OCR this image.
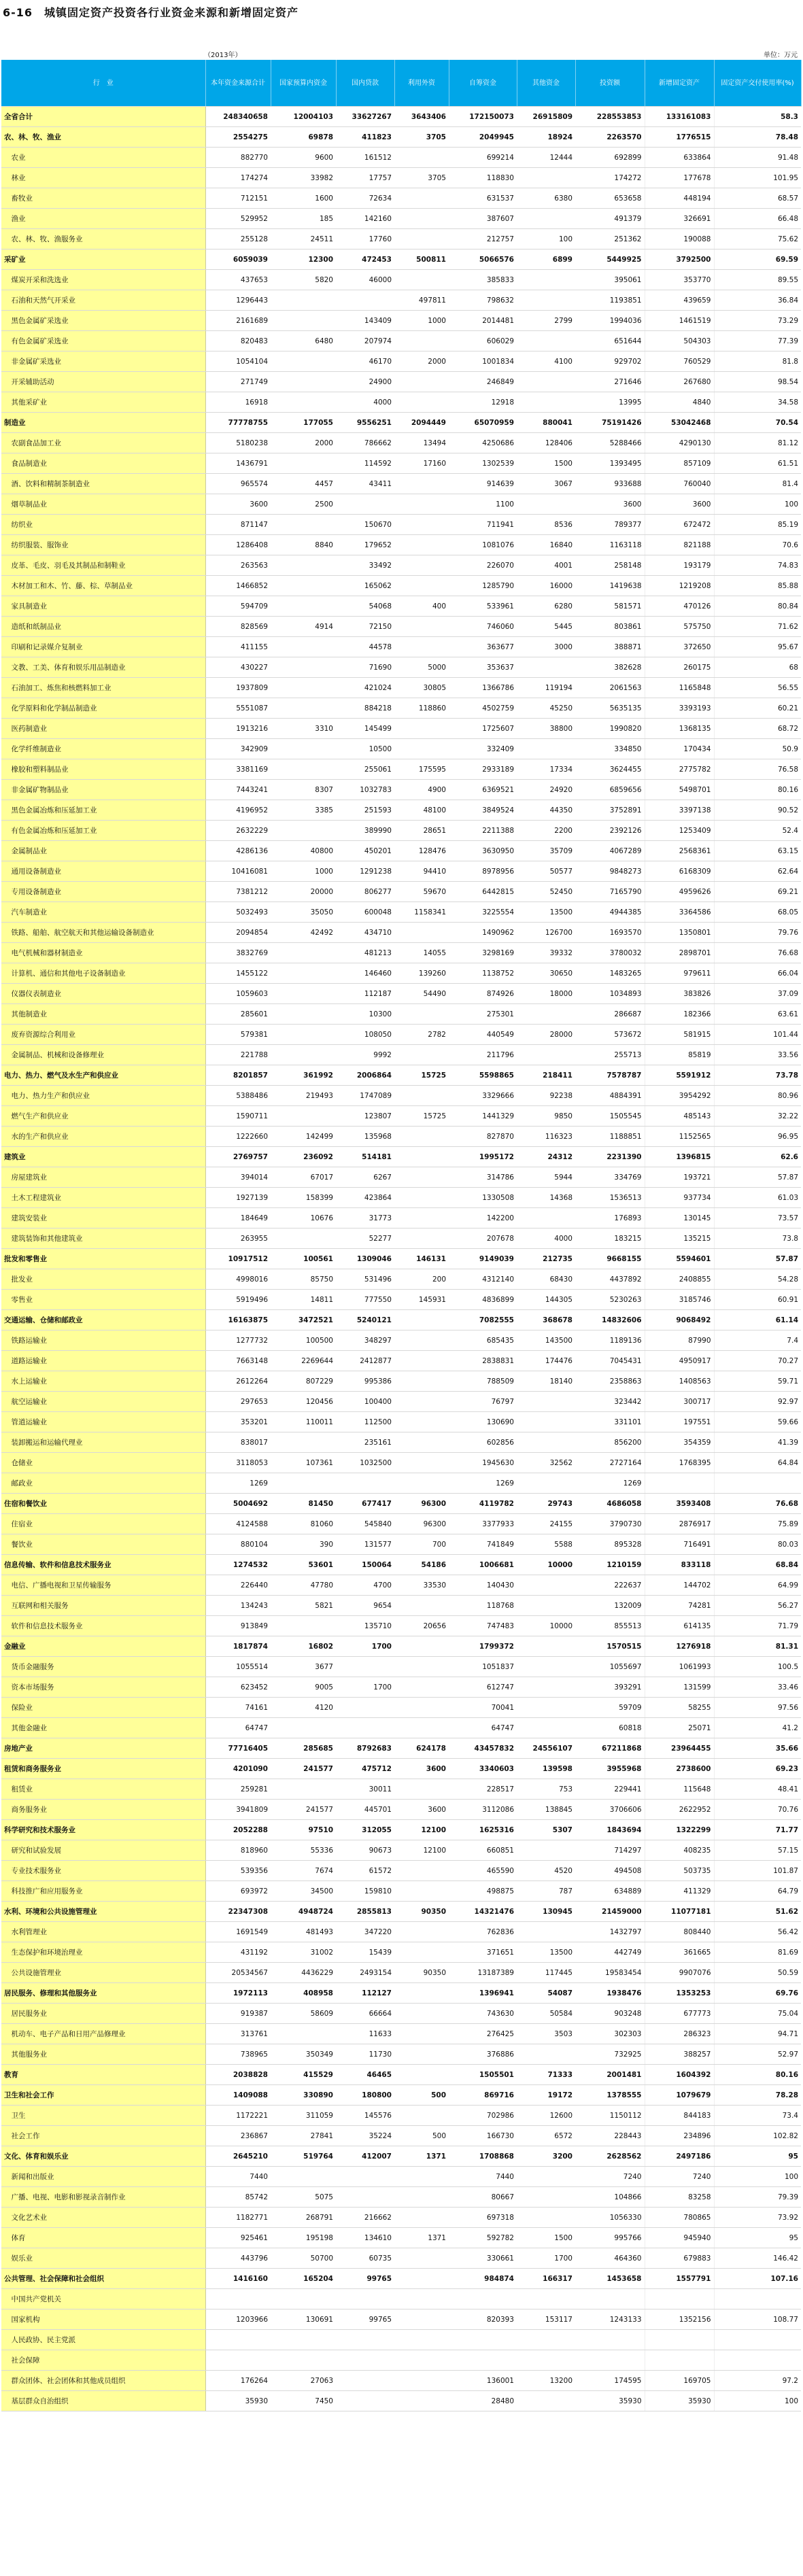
6-16　城镇固定资产投资各行业资金来源和新增固定资产
（2013年）	单位：万元
行　业	本年资金来源合计	国家预算内资金	国内贷款	利用外资	自筹资金	其他资金	投资额	新增固定资产	固定资产交付使用率(%)
全省合计	248340658	12004103	33627267	3643406	172150073	26915809	228553853	133161083	58.3
农、林、牧、渔业	2554275	69878	411823	3705	2049945	18924	2263570	1776515	78.48
　农业	882770	9600	161512		699214	12444	692899	633864	91.48
　林业	174274	33982	17757	3705	118830		174272	177678	101.95
　畜牧业	712151	1600	72634		631537	6380	653658	448194	68.57
　渔业	529952	185	142160		387607		491379	326691	66.48
　农、林、牧、渔服务业	255128	24511	17760		212757	100	251362	190088	75.62
采矿业	6059039	12300	472453	500811	5066576	6899	5449925	3792500	69.59
　煤炭开采和洗选业	437653	5820	46000		385833		395061	353770	89.55
　石油和天然气开采业	1296443			497811	798632		1193851	439659	36.84
　黑色金属矿采选业	2161689		143409	1000	2014481	2799	1994036	1461519	73.29
　有色金属矿采选业	820483	6480	207974		606029		651644	504303	77.39
　非金属矿采选业	1054104		46170	2000	1001834	4100	929702	760529	81.8
　开采辅助活动	271749		24900		246849		271646	267680	98.54
　其他采矿业	16918		4000		12918		13995	4840	34.58
制造业	77778755	177055	9556251	2094449	65070959	880041	75191426	53042468	70.54
　农副食品加工业	5180238	2000	786662	13494	4250686	128406	5288466	4290130	81.12
　食品制造业	1436791		114592	17160	1302539	1500	1393495	857109	61.51
　酒、饮料和精制茶制造业	965574	4457	43411		914639	3067	933688	760040	81.4
　烟草制品业	3600	2500			1100		3600	3600	100
　纺织业	871147		150670		711941	8536	789377	672472	85.19
　纺织服装、服饰业	1286408	8840	179652		1081076	16840	1163118	821188	70.6
　皮革、毛皮、羽毛及其制品和制鞋业	263563		33492		226070	4001	258148	193179	74.83
　木材加工和木、竹、藤、棕、草制品业	1466852		165062		1285790	16000	1419638	1219208	85.88
　家具制造业	594709		54068	400	533961	6280	581571	470126	80.84
　造纸和纸制品业	828569	4914	72150		746060	5445	803861	575750	71.62
　印刷和记录媒介复制业	411155		44578		363677	3000	388871	372650	95.67
　文教、工美、体育和娱乐用品制造业	430227		71690	5000	353637		382628	260175	68
　石油加工、炼焦和核燃料加工业	1937809		421024	30805	1366786	119194	2061563	1165848	56.55
　化学原料和化学制品制造业	5551087		884218	118860	4502759	45250	5635135	3393193	60.21
　医药制造业	1913216	3310	145499		1725607	38800	1990820	1368135	68.72
　化学纤维制造业	342909		10500		332409		334850	170434	50.9
　橡胶和塑料制品业	3381169		255061	175595	2933189	17334	3624455	2775782	76.58
　非金属矿物制品业	7443241	8307	1032783	4900	6369521	24920	6859656	5498701	80.16
　黑色金属冶炼和压延加工业	4196952	3385	251593	48100	3849524	44350	3752891	3397138	90.52
　有色金属冶炼和压延加工业	2632229		389990	28651	2211388	2200	2392126	1253409	52.4
　金属制品业	4286136	40800	450201	128476	3630950	35709	4067289	2568361	63.15
　通用设备制造业	10416081	1000	1291238	94410	8978956	50577	9848273	6168309	62.64
　专用设备制造业	7381212	20000	806277	59670	6442815	52450	7165790	4959626	69.21
　汽车制造业	5032493	35050	600048	1158341	3225554	13500	4944385	3364586	68.05
　铁路、船舶、航空航天和其他运输设备制造业	2094854	42492	434710		1490962	126700	1693570	1350801	79.76
　电气机械和器材制造业	3832769		481213	14055	3298169	39332	3780032	2898701	76.68
　计算机、通信和其他电子设备制造业	1455122		146460	139260	1138752	30650	1483265	979611	66.04
　仪器仪表制造业	1059603		112187	54490	874926	18000	1034893	383826	37.09
　其他制造业	285601		10300		275301		286687	182366	63.61
　废弃资源综合利用业	579381		108050	2782	440549	28000	573672	581915	101.44
　金属制品、机械和设备修理业	221788		9992		211796		255713	85819	33.56
电力、热力、燃气及水生产和供应业	8201857	361992	2006864	15725	5598865	218411	7578787	5591912	73.78
　电力、热力生产和供应业	5388486	219493	1747089		3329666	92238	4884391	3954292	80.96
　燃气生产和供应业	1590711		123807	15725	1441329	9850	1505545	485143	32.22
　水的生产和供应业	1222660	142499	135968		827870	116323	1188851	1152565	96.95
建筑业	2769757	236092	514181		1995172	24312	2231390	1396815	62.6
　房屋建筑业	394014	67017	6267		314786	5944	334769	193721	57.87
　土木工程建筑业	1927139	158399	423864		1330508	14368	1536513	937734	61.03
　建筑安装业	184649	10676	31773		142200		176893	130145	73.57
　建筑装饰和其他建筑业	263955		52277		207678	4000	183215	135215	73.8
批发和零售业	10917512	100561	1309046	146131	9149039	212735	9668155	5594601	57.87
　批发业	4998016	85750	531496	200	4312140	68430	4437892	2408855	54.28
　零售业	5919496	14811	777550	145931	4836899	144305	5230263	3185746	60.91
交通运输、仓储和邮政业	16163875	3472521	5240121		7082555	368678	14832606	9068492	61.14
　铁路运输业	1277732	100500	348297		685435	143500	1189136	87990	7.4
　道路运输业	7663148	2269644	2412877		2838831	174476	7045431	4950917	70.27
　水上运输业	2612264	807229	995386		788509	18140	2358863	1408563	59.71
　航空运输业	297653	120456	100400		76797		323442	300717	92.97
　管道运输业	353201	110011	112500		130690		331101	197551	59.66
　装卸搬运和运输代理业	838017		235161		602856		856200	354359	41.39
　仓储业	3118053	107361	1032500		1945630	32562	2727164	1768395	64.84
　邮政业	1269				1269		1269		
住宿和餐饮业	5004692	81450	677417	96300	4119782	29743	4686058	3593408	76.68
　住宿业	4124588	81060	545840	96300	3377933	24155	3790730	2876917	75.89
　餐饮业	880104	390	131577	700	741849	5588	895328	716491	80.03
信息传输、软件和信息技术服务业	1274532	53601	150064	54186	1006681	10000	1210159	833118	68.84
　电信、广播电视和卫星传输服务	226440	47780	4700	33530	140430		222637	144702	64.99
　互联网和相关服务	134243	5821	9654		118768		132009	74281	56.27
　软件和信息技术服务业	913849		135710	20656	747483	10000	855513	614135	71.79
金融业	1817874	16802	1700		1799372		1570515	1276918	81.31
　货币金融服务	1055514	3677			1051837		1055697	1061993	100.5
　资本市场服务	623452	9005	1700		612747		393291	131599	33.46
　保险业	74161	4120			70041		59709	58255	97.56
　其他金融业	64747				64747		60818	25071	41.2
房地产业	77716405	285685	8792683	624178	43457832	24556107	67211868	23964455	35.66
租赁和商务服务业	4201090	241577	475712	3600	3340603	139598	3955968	2738600	69.23
　租赁业	259281		30011		228517	753	229441	115648	48.41
　商务服务业	3941809	241577	445701	3600	3112086	138845	3706606	2622952	70.76
科学研究和技术服务业	2052288	97510	312055	12100	1625316	5307	1843694	1322299	71.77
　研究和试验发展	818960	55336	90673	12100	660851		714297	408235	57.15
　专业技术服务业	539356	7674	61572		465590	4520	494508	503735	101.87
　科技推广和应用服务业	693972	34500	159810		498875	787	634889	411329	64.79
水利、环境和公共设施管理业	22347308	4948724	2855813	90350	14321476	130945	21459000	11077181	51.62
　水利管理业	1691549	481493	347220		762836		1432797	808440	56.42
　生态保护和环境治理业	431192	31002	15439		371651	13500	442749	361665	81.69
　公共设施管理业	20534567	4436229	2493154	90350	13187389	117445	19583454	9907076	50.59
居民服务、修理和其他服务业	1972113	408958	112127		1396941	54087	1938476	1353253	69.76
　居民服务业	919387	58609	66664		743630	50584	903248	677773	75.04
　机动车、电子产品和日用产品修理业	313761		11633		276425	3503	302303	286323	94.71
　其他服务业	738965	350349	11730		376886		732925	388257	52.97
教育	2038828	415529	46465		1505501	71333	2001481	1604392	80.16
卫生和社会工作	1409088	330890	180800	500	869716	19172	1378555	1079679	78.28
　卫生	1172221	311059	145576		702986	12600	1150112	844183	73.4
　社会工作	236867	27841	35224	500	166730	6572	228443	234896	102.82
文化、体育和娱乐业	2645210	519764	412007	1371	1708868	3200	2628562	2497186	95
　新闻和出版业	7440				7440		7240	7240	100
　广播、电视、电影和影视录音制作业	85742	5075			80667		104866	83258	79.39
　文化艺术业	1182771	268791	216662		697318		1056330	780865	73.92
　体育	925461	195198	134610	1371	592782	1500	995766	945940	95
　娱乐业	443796	50700	60735		330661	1700	464360	679883	146.42
公共管理、社会保障和社会组织	1416160	165204	99765		984874	166317	1453658	1557791	107.16
　中国共产党机关									
　国家机构	1203966	130691	99765		820393	153117	1243133	1352156	108.77
　人民政协、民主党派									
　社会保障									
　群众团体、社会团体和其他成员组织	176264	27063			136001	13200	174595	169705	97.2
　基层群众自治组织	35930	7450			28480		35930	35930	100
